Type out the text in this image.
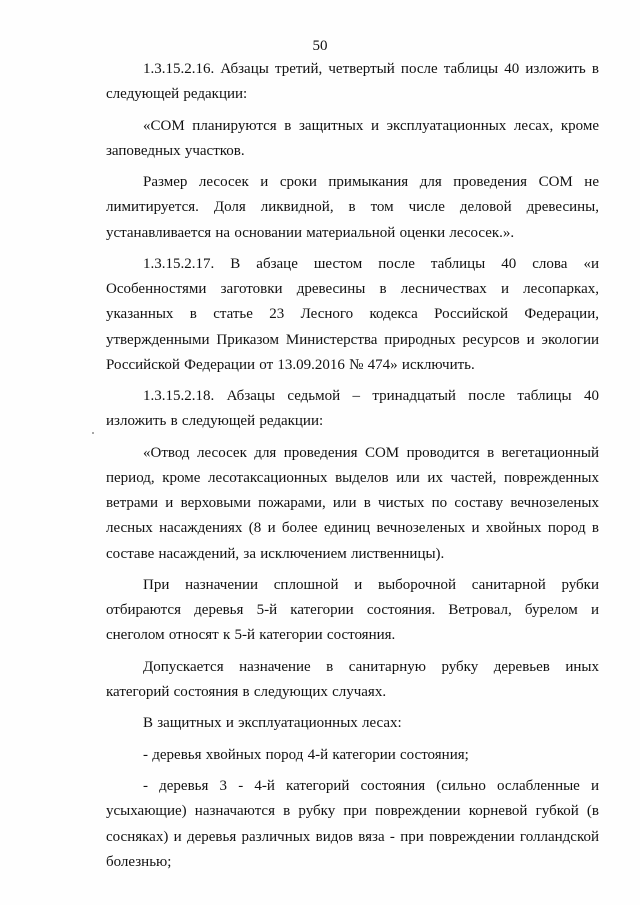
50

1.3.15.2.16. Абзацы третий, четвертый после таблицы 40 изложить в следующей редакции:

«СОМ планируются в защитных и эксплуатационных лесах, кроме заповедных участков.

Размер лесосек и сроки примыкания для проведения СОМ не лимитируется. Доля ликвидной, в том числе деловой древесины, устанавливается на основании материальной оценки лесосек.».

1.3.15.2.17. В абзаце шестом после таблицы 40 слова «и Особенностями заготовки древесины в лесничествах и лесопарках, указанных в статье 23 Лесного кодекса Российской Федерации, утвержденными Приказом Министерства природных ресурсов и экологии Российской Федерации от 13.09.2016 № 474» исключить.

1.3.15.2.18. Абзацы седьмой – тринадцатый после таблицы 40 изложить в следующей редакции:

«Отвод лесосек для проведения СОМ проводится в вегетационный период, кроме лесотаксационных выделов или их частей, поврежденных ветрами и верховыми пожарами, или в чистых по составу вечнозеленых лесных насаждениях (8 и более единиц вечнозеленых и хвойных пород в составе насаждений, за исключением лиственницы).

При назначении сплошной и выборочной санитарной рубки отбираются деревья 5-й категории состояния. Ветровал, бурелом и снеголом относят к 5-й категории состояния.

Допускается назначение в санитарную рубку деревьев иных категорий состояния в следующих случаях.

В защитных и эксплуатационных лесах:

- деревья хвойных пород 4-й категории состояния;

- деревья 3 - 4-й категорий состояния (сильно ослабленные и усыхающие) назначаются в рубку при повреждении корневой губкой (в сосняках) и деревья различных видов вяза - при повреждении голландской болезнью;
